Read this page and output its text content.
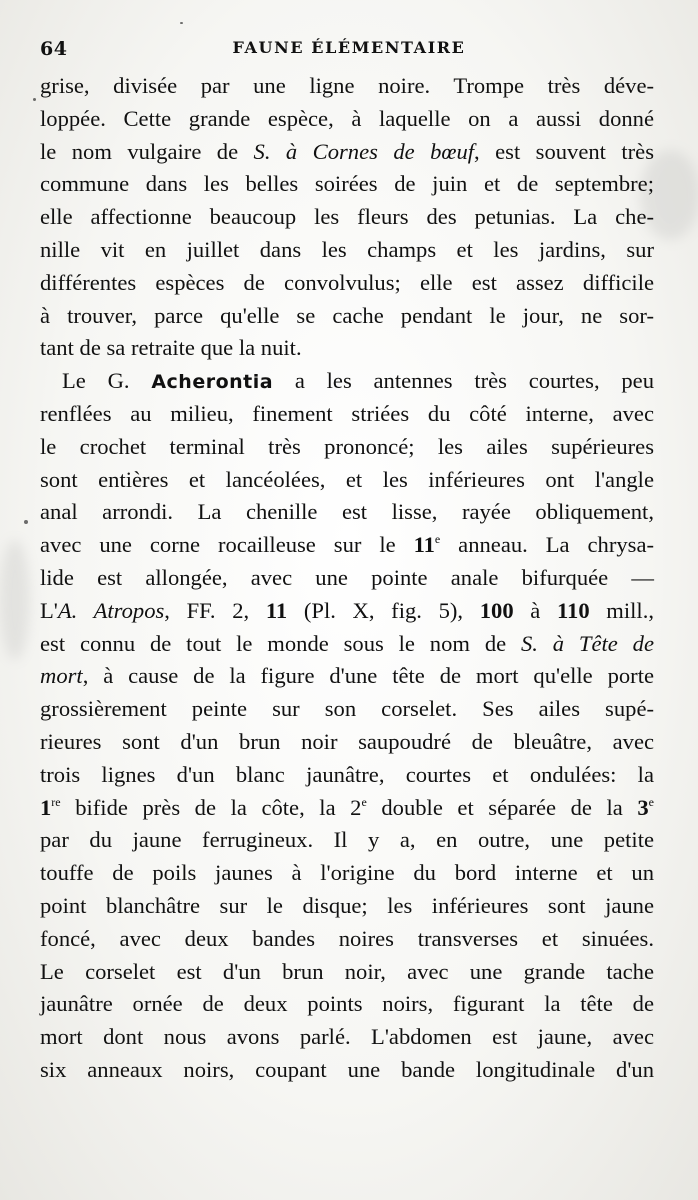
64	FAUNE ÉLÉMENTAIRE
grise, divisée par une ligne noire. Trompe très déve-
loppée. Cette grande espèce, à laquelle on a aussi donné
le nom vulgaire de S. à Cornes de bœuf, est souvent très
commune dans les belles soirées de juin et de septembre;
elle affectionne beaucoup les fleurs des petunias. La che-
nille vit en juillet dans les champs et les jardins, sur
différentes espèces de convolvulus; elle est assez difficile
à trouver, parce qu'elle se cache pendant le jour, ne sor-
tant de sa retraite que la nuit.
Le G. Acherontia a les antennes très courtes, peu
renflées au milieu, finement striées du côté interne, avec
le crochet terminal très prononcé; les ailes supérieures
sont entières et lancéolées, et les inférieures ont l'angle
anal arrondi. La chenille est lisse, rayée obliquement,
avec une corne rocailleuse sur le 11e anneau. La chrysa-
lide est allongée, avec une pointe anale bifurquée —
L'A. Atropos, FF. 2, 11 (Pl. X, fig. 5), 100 à 110 mill.,
est connu de tout le monde sous le nom de S. à Tête de
mort, à cause de la figure d'une tête de mort qu'elle porte
grossièrement peinte sur son corselet. Ses ailes supé-
rieures sont d'un brun noir saupoudré de bleuâtre, avec
trois lignes d'un blanc jaunâtre, courtes et ondulées: la
1re bifide près de la côte, la 2e double et séparée de la 3e
par du jaune ferrugineux. Il y a, en outre, une petite
touffe de poils jaunes à l'origine du bord interne et un
point blanchâtre sur le disque; les inférieures sont jaune
foncé, avec deux bandes noires transverses et sinuées.
Le corselet est d'un brun noir, avec une grande tache
jaunâtre ornée de deux points noirs, figurant la tête de
mort dont nous avons parlé. L'abdomen est jaune, avec
six anneaux noirs, coupant une bande longitudinale d'un
